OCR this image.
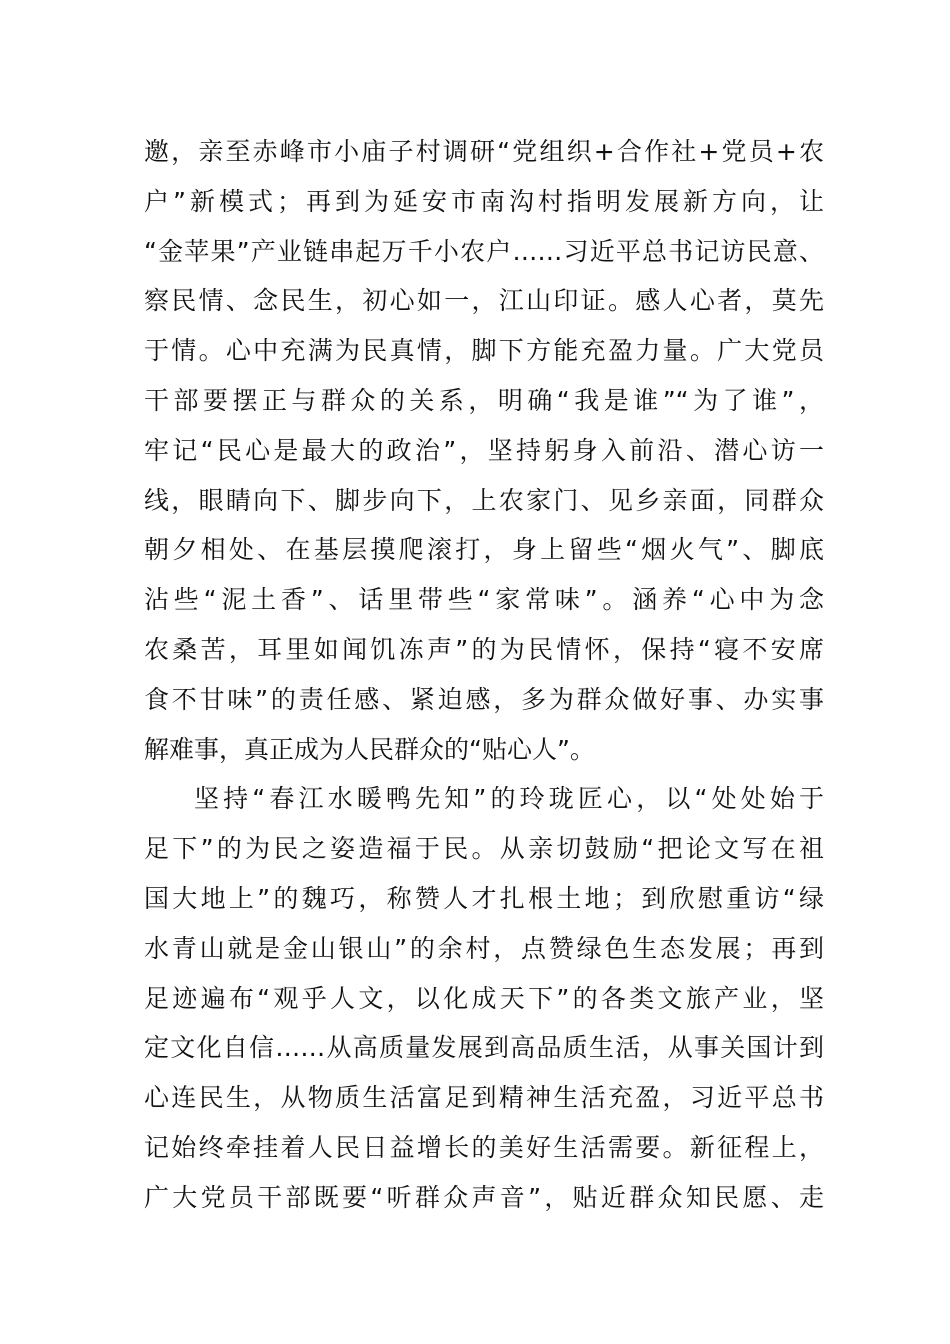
邀，亲至赤峰市小庙子村调研“党组织+合作社+党员+农
户”新模式；再到为延安市南沟村指明发展新方向，让
“金苹果”产业链串起万千小农户……习近平总书记访民意、
察民情、念民生，初心如一，江山印证。感人心者，莫先
于情。心中充满为民真情，脚下方能充盈力量。广大党员
干部要摆正与群众的关系，明确“我是谁”“为了谁”，
牢记“民心是最大的政治”，坚持躬身入前沿、潜心访一
线，眼睛向下、脚步向下，上农家门、见乡亲面，同群众
朝夕相处、在基层摸爬滚打，身上留些“烟火气”、脚底
沾些“泥土香”、话里带些“家常味”。涵养“心中为念
农桑苦，耳里如闻饥冻声”的为民情怀，保持“寝不安席
食不甘味”的责任感、紧迫感，多为群众做好事、办实事
解难事，真正成为人民群众的“贴心人”。
坚持“春江水暖鸭先知”的玲珑匠心，以“处处始于
足下”的为民之姿造福于民。从亲切鼓励“把论文写在祖
国大地上”的魏巧，称赞人才扎根土地；到欣慰重访“绿
水青山就是金山银山”的余村，点赞绿色生态发展；再到
足迹遍布“观乎人文，以化成天下”的各类文旅产业，坚
定文化自信……从高质量发展到高品质生活，从事关国计到
心连民生，从物质生活富足到精神生活充盈，习近平总书
记始终牵挂着人民日益增长的美好生活需要。新征程上，
广大党员干部既要“听群众声音”，贴近群众知民愿、走
